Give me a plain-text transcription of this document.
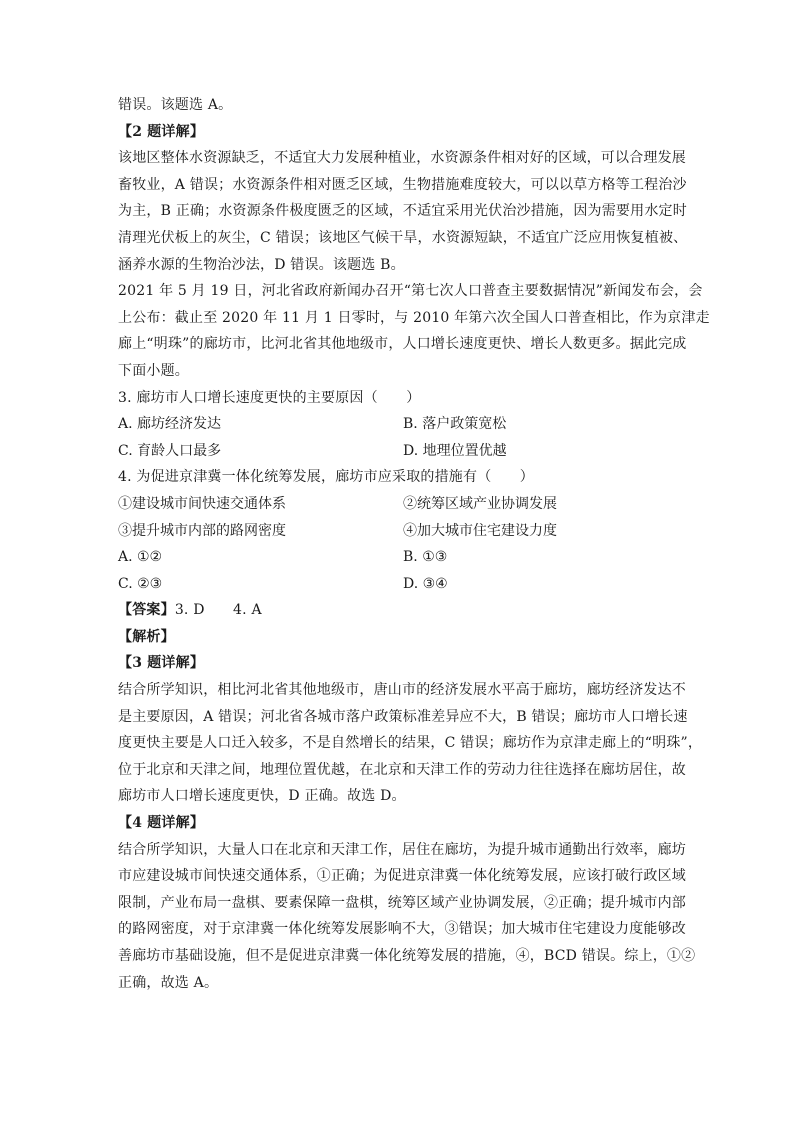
错误。该题选 A。
【2 题详解】
该地区整体水资源缺乏，不适宜大力发展种植业，水资源条件相对好的区域，可以合理发展
畜牧业，A 错误；水资源条件相对匮乏区域，生物措施难度较大，可以以草方格等工程治沙
为主，B 正确；水资源条件极度匮乏的区域，不适宜采用光伏治沙措施，因为需要用水定时
清理光伏板上的灰尘，C 错误；该地区气候干旱，水资源短缺，不适宜广泛应用恢复植被、
涵养水源的生物治沙法，D 错误。该题选 B。
2021 年 5 月 19 日，河北省政府新闻办召开“第七次人口普查主要数据情况”新闻发布会，会
上公布：截止至 2020 年 11 月 1 日零时，与 2010 年第六次全国人口普查相比，作为京津走
廊上“明珠”的廊坊市，比河北省其他地级市，人口增长速度更快、增长人数更多。据此完成
下面小题。
3. 廊坊市人口增长速度更快的主要原因（　　）
A. 廊坊经济发达	B. 落户政策宽松
C. 育龄人口最多	D. 地理位置优越
4. 为促进京津冀一体化统筹发展，廊坊市应采取的措施有（　　）
①建设城市间快速交通体系	②统筹区域产业协调发展
③提升城市内部的路网密度	④加大城市住宅建设力度
A. ①②	B. ①③
C. ②③	D. ③④
【答案】3. D　　4. A
【解析】
【3 题详解】
结合所学知识，相比河北省其他地级市，唐山市的经济发展水平高于廊坊，廊坊经济发达不
是主要原因，A 错误；河北省各城市落户政策标准差异应不大，B 错误；廊坊市人口增长速
度更快主要是人口迁入较多，不是自然增长的结果，C 错误；廊坊作为京津走廊上的“明珠”，
位于北京和天津之间，地理位置优越，在北京和天津工作的劳动力往往选择在廊坊居住，故
廊坊市人口增长速度更快，D 正确。故选 D。
【4 题详解】
结合所学知识，大量人口在北京和天津工作，居住在廊坊，为提升城市通勤出行效率，廊坊
市应建设城市间快速交通体系，①正确；为促进京津冀一体化统筹发展，应该打破行政区域
限制，产业布局一盘棋、要素保障一盘棋，统筹区域产业协调发展，②正确；提升城市内部
的路网密度，对于京津冀一体化统筹发展影响不大，③错误；加大城市住宅建设力度能够改
善廊坊市基础设施，但不是促进京津冀一体化统筹发展的措施，④，BCD 错误。综上，①②
正确，故选 A。
